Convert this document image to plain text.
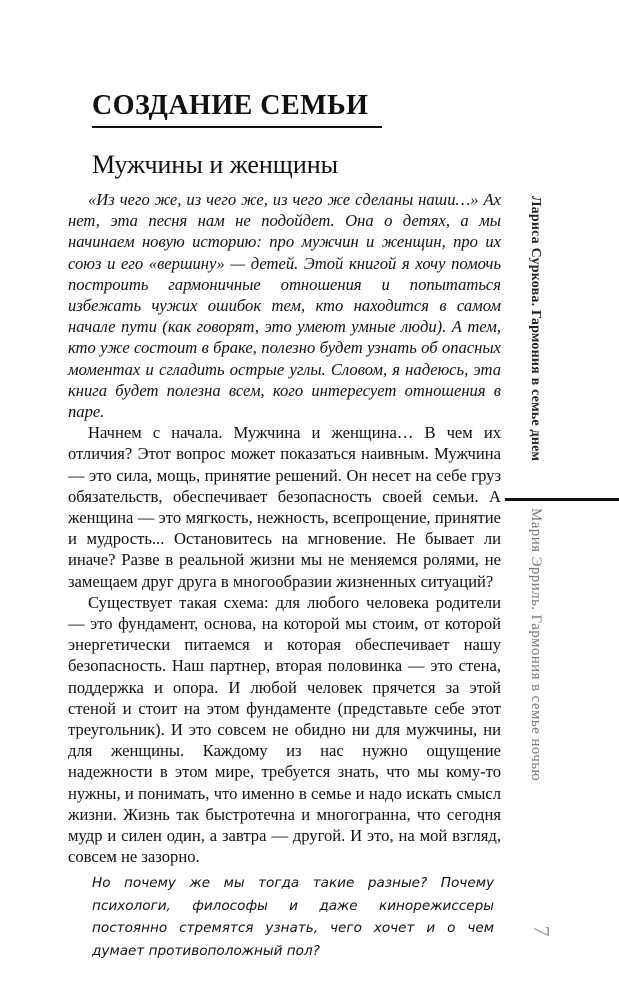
СОЗДАНИЕ СЕМЬИ
Мужчины и женщины

«Из чего же, из чего же, из чего же сделаны наши…» Ах нет, эта песня нам не подойдет. Она о детях, а мы начинаем новую историю: про мужчин и женщин, про их союз и его «вершину» — детей. Этой книгой я хочу помочь построить гармоничные отношения и попытаться избежать чужих ошибок тем, кто находится в самом начале пути (как говорят, это умеют умные люди). А тем, кто уже состоит в браке, полезно будет узнать об опасных моментах и сгладить острые углы. Словом, я надеюсь, эта книга будет полезна всем, кого интересует отношения в паре.

Начнем с начала. Мужчина и женщина… В чем их отличия? Этот вопрос может показаться наивным. Мужчина — это сила, мощь, принятие решений. Он несет на себе груз обязательств, обеспечивает безопасность своей семьи. А женщина — это мягкость, нежность, всепрощение, принятие и мудрость... Остановитесь на мгновение. Не бывает ли иначе? Разве в реальной жизни мы не меняемся ролями, не замещаем друг друга в многообразии жизненных ситуаций?

Существует такая схема: для любого человека родители — это фундамент, основа, на которой мы стоим, от которой энергетически питаемся и которая обеспечивает нашу безопасность. Наш партнер, вторая половинка — это стена, поддержка и опора. И любой человек прячется за этой стеной и стоит на этом фундаменте (представьте себе этот треугольник). И это совсем не обидно ни для мужчины, ни для женщины. Каждому из нас нужно ощущение надежности в этом мире, требуется знать, что мы кому-то нужны, и понимать, что именно в семье и надо искать смысл жизни. Жизнь так быстротечна и многогранна, что сегодня мудр и силен один, а завтра — другой. И это, на мой взгляд, совсем не зазорно.

Но почему же мы тогда такие разные? Почему психологи, философы и даже кинорежиссеры постоянно стремятся узнать, чего хочет и о чем думает противоположный пол?
Лариса Суркова. Гармония в семье днем
Мария Эрриль. Гармония в семье ночью
7
